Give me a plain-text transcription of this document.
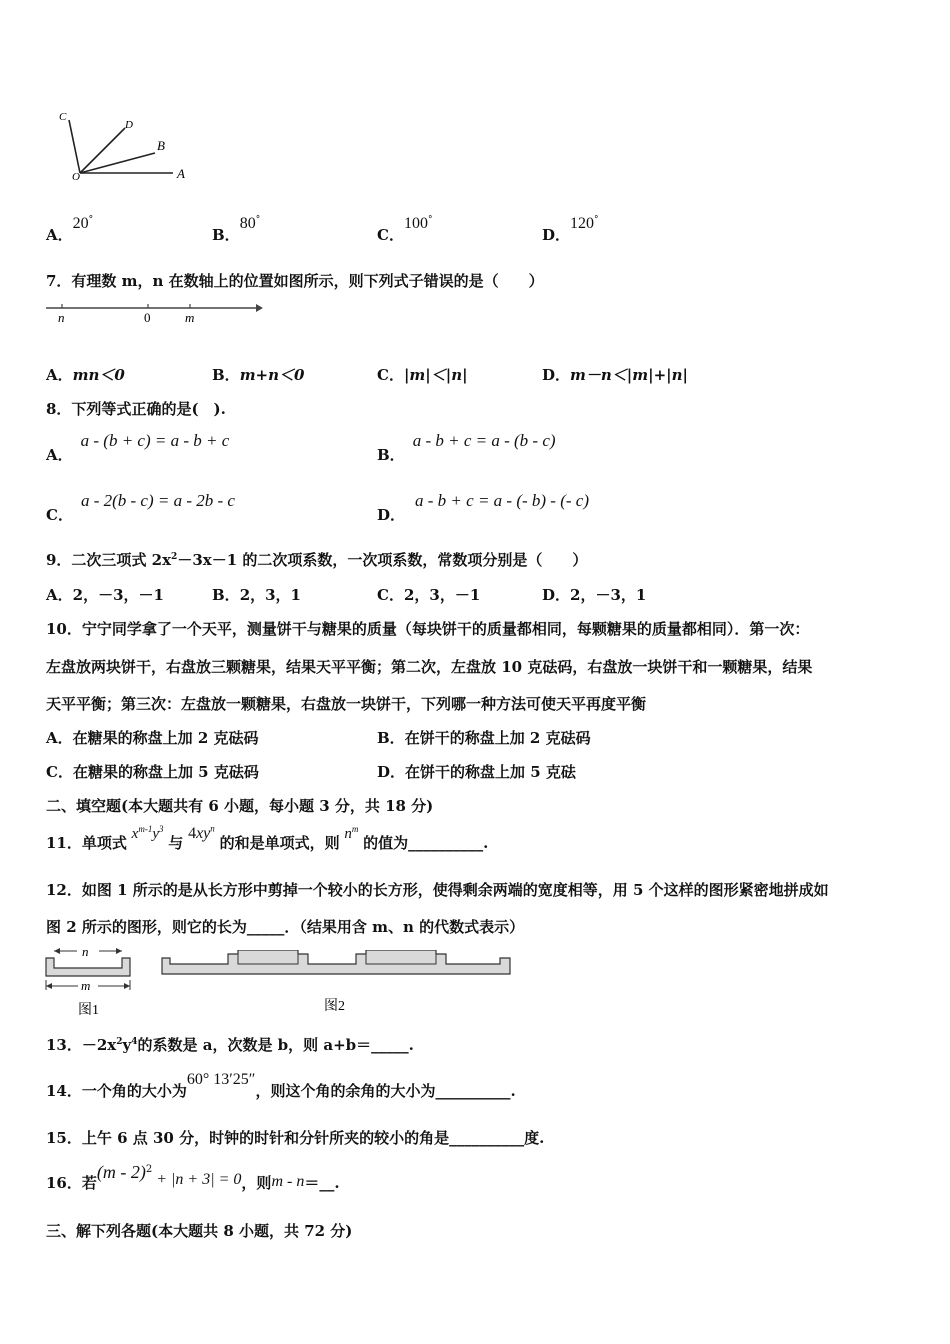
C
D
B
O	A
A．20°
B．80°
C．100°
D．120°
7．有理数 m，n 在数轴上的位置如图所示，则下列式子错误的是（　　）
n	0	m
A．mn＜0	B．m+n＜0	C．|m|＜|n|	D．m－n＜|m|+|n|
8．下列等式正确的是(　).
A．a - (b + c) = a - b + c
B．a - b + c = a - (b - c)
C．a - 2(b - c) = a - 2b - c
D．a - b + c = a - (- b) - (- c)
9．二次三项式 $2x^2-3x-1$ 的二次项系数，一次项系数，常数项分别是（　　）
A．2，－3，－1	B．2，3，1	C．2，3，－1	D．2，－3，1
10．宁宁同学拿了一个天平，测量饼干与糖果的质量（每块饼干的质量都相同，每颗糖果的质量都相同）．第一次：
左盘放两块饼干，右盘放三颗糖果，结果天平平衡；第二次，左盘放 10 克砝码，右盘放一块饼干和一颗糖果，结果
天平平衡；第三次：左盘放一颗糖果，右盘放一块饼干，下列哪一种方法可使天平再度平衡
A．在糖果的称盘上加 2 克砝码	B．在饼干的称盘上加 2 克砝码
C．在糖果的称盘上加 5 克砝码	D．在饼干的称盘上加 5 克砝
二、填空题(本大题共有 6 小题，每小题 3 分，共 18 分)
11．单项式 $x^{m-1}y^3$ 与 $4xy^n$ 的和是单项式，则 $n^m$ 的值为__________.
12．如图 1 所示的是从长方形中剪掉一个较小的长方形，使得剩余两端的宽度相等，用 5 个这样的图形紧密地拼成如
图 2 所示的图形，则它的长为_____．（结果用含 m、n 的代数式表示）
n
m
图1	图2
13．$-2x^2y^4$的系数是 a，次数是 b，则 a+b＝_____.
14．一个角的大小为60° 13′25″，则这个角的余角的大小为__________.
15．上午 6 点 30 分，时钟的时针和分针所夹的较小的角是__________度.
16．若(m - 2)$^2$ + |n + 3| = 0，则m - n＝__.
三、解下列各题(本大题共 8 小题，共 72 分)
